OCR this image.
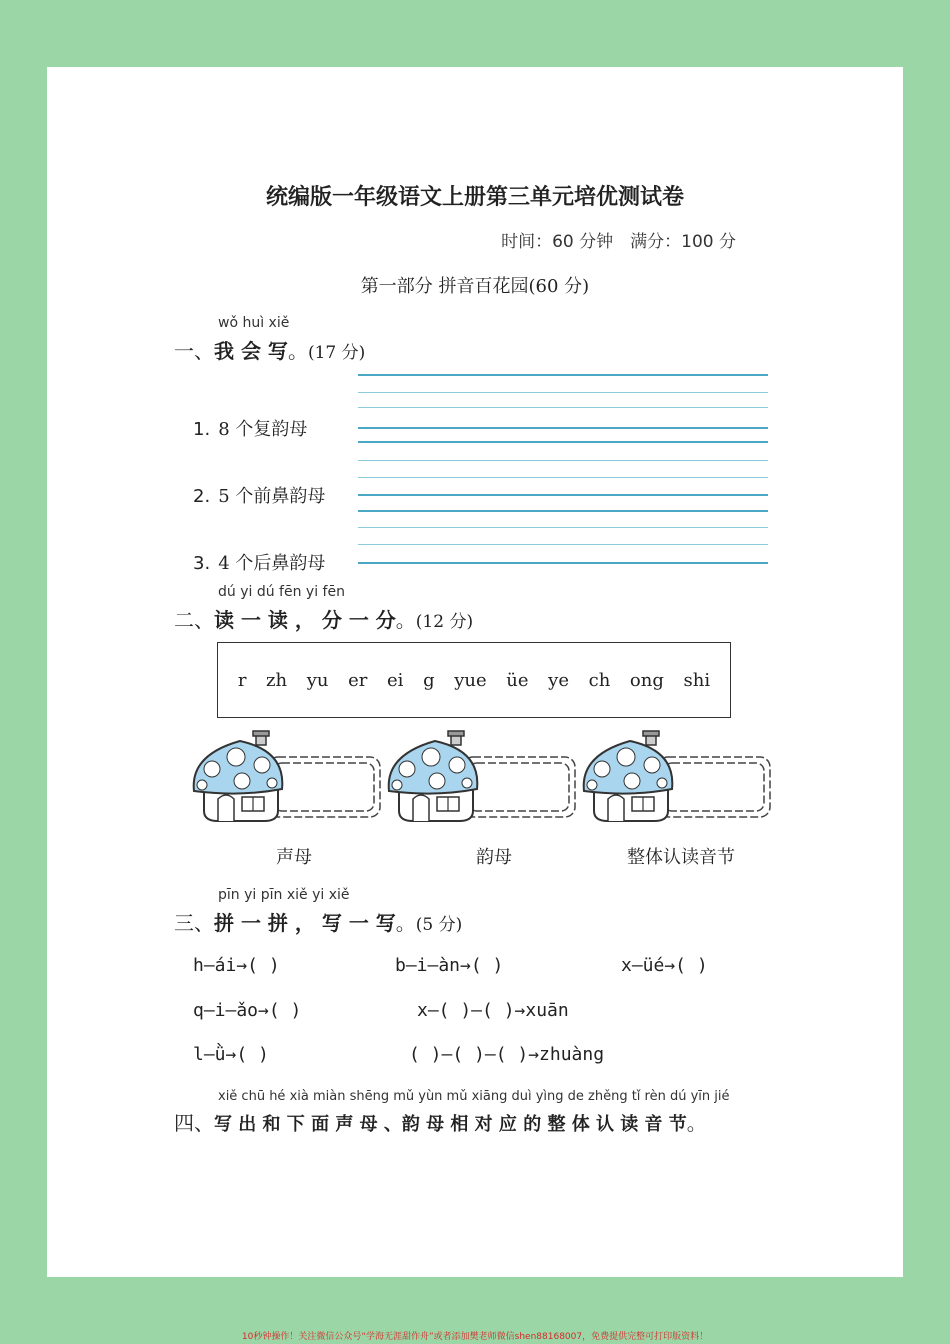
统编版一年级语文上册第三单元培优测试卷
时间：60 分钟　满分：100 分
第一部分 拼音百花园(60 分)
wǒ huì xiě
一、我 会 写。(17 分)
1. 8 个复韵母
2. 5 个前鼻韵母
3. 4 个后鼻韵母
dú yi dú fēn yi fēn
二、读 一 读 ， 分 一 分。(12 分)
r zh yu er ei g yue üe ye ch ong shi
声母	韵母	整体认读音节
pīn yi pīn xiě yi xiě
三、拼 一 拼 ， 写 一 写。(5 分)
h—ái→( )	b—i—àn→( )	x—üé→( )
q—i—ǎo→( )	x—( )—( )→xuān
l—ǜ→( )	( )—( )—( )→zhuàng
xiě chū hé xià miàn shēng mǔ yùn mǔ xiāng duì yìng de zhěng tǐ rèn dú yīn jié
四、写 出 和 下 面 声 母 、韵 母 相 对 应 的 整 体 认 读 音 节。
10秒钟操作！关注微信公众号“学海无涯甜作舟”或者添加樊老师微信shen88168007，免费提供完整可打印版资料！
